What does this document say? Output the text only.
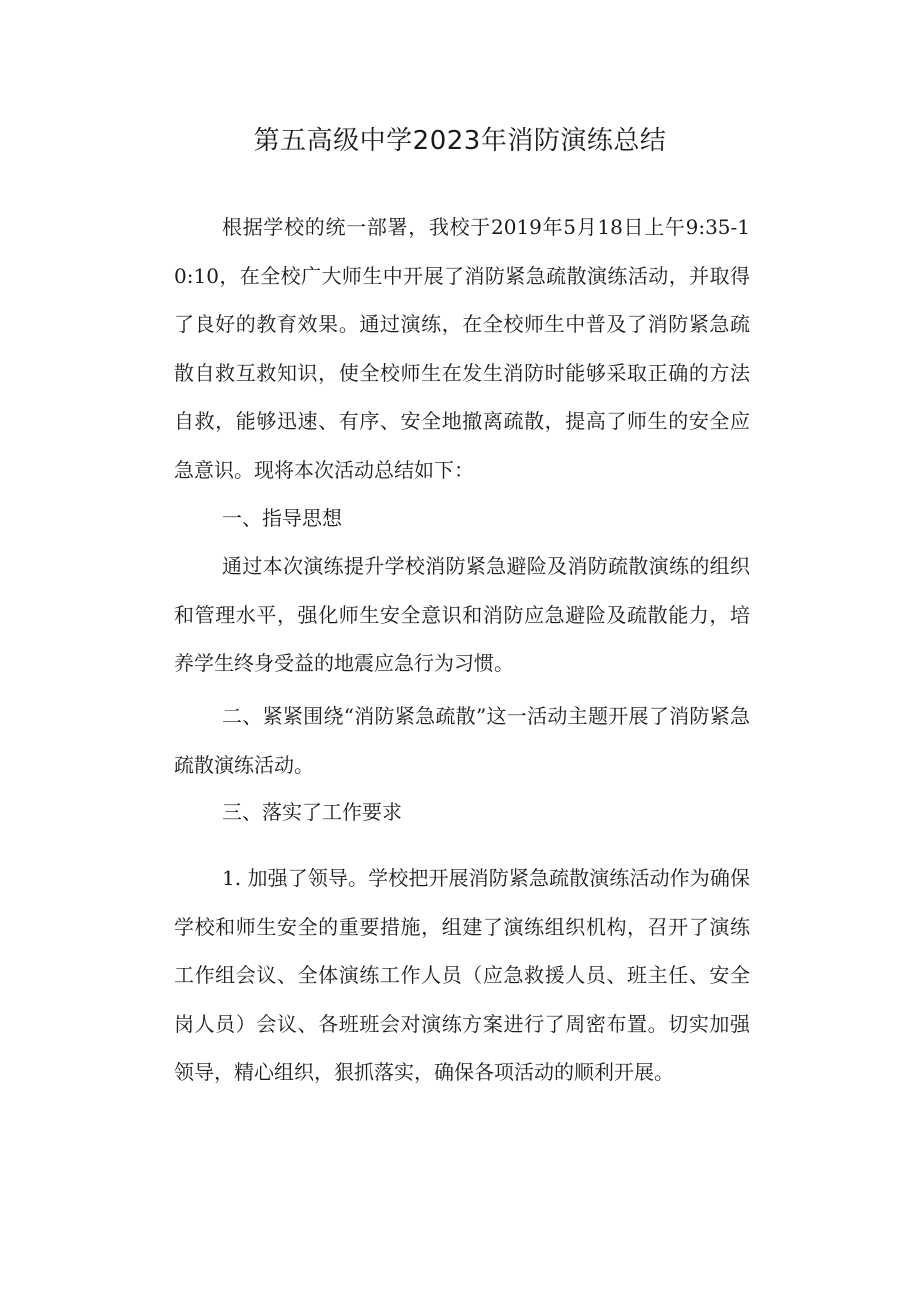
第五高级中学2023年消防演练总结

根据学校的统一部署，我校于2019年5月18日上午9:35-10:10，在全校广大师生中开展了消防紧急疏散演练活动，并取得了良好的教育效果。通过演练，在全校师生中普及了消防紧急疏散自救互救知识，使全校师生在发生消防时能够采取正确的方法自救，能够迅速、有序、安全地撤离疏散，提高了师生的安全应急意识。现将本次活动总结如下：

一、指导思想

通过本次演练提升学校消防紧急避险及消防疏散演练的组织和管理水平，强化师生安全意识和消防应急避险及疏散能力，培养学生终身受益的地震应急行为习惯。

二、紧紧围绕“消防紧急疏散”这一活动主题开展了消防紧急疏散演练活动。

三、落实了工作要求

1. 加强了领导。学校把开展消防紧急疏散演练活动作为确保学校和师生安全的重要措施，组建了演练组织机构，召开了演练工作组会议、全体演练工作人员（应急救援人员、班主任、安全岗人员）会议、各班班会对演练方案进行了周密布置。切实加强领导，精心组织，狠抓落实，确保各项活动的顺利开展。
